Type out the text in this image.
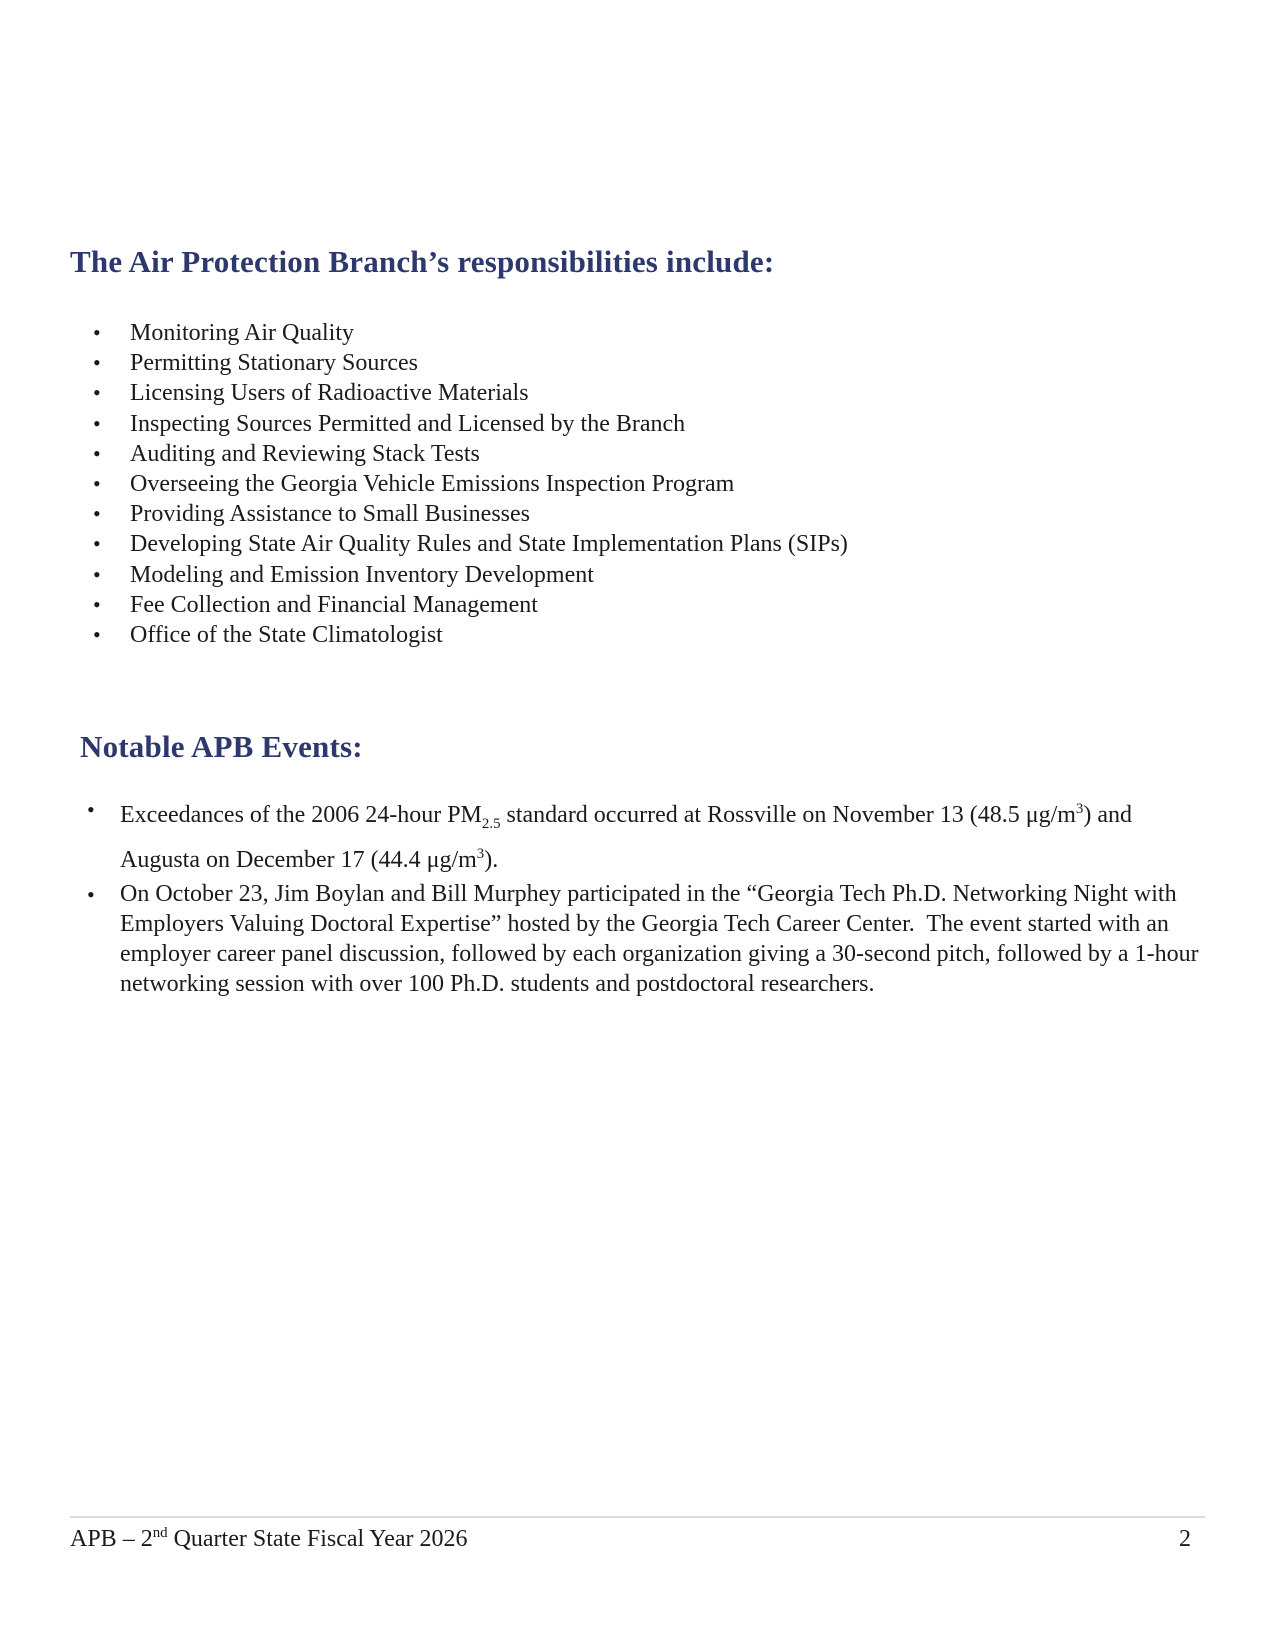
The Air Protection Branch’s responsibilities include:
•	Monitoring Air Quality
•	Permitting Stationary Sources
•	Licensing Users of Radioactive Materials
•	Inspecting Sources Permitted and Licensed by the Branch
•	Auditing and Reviewing Stack Tests
•	Overseeing the Georgia Vehicle Emissions Inspection Program
•	Providing Assistance to Small Businesses
•	Developing State Air Quality Rules and State Implementation Plans (SIPs)
•	Modeling and Emission Inventory Development
•	Fee Collection and Financial Management
•	Office of the State Climatologist
Notable APB Events:
•	Exceedances of the 2006 24-hour $PM_{2.5}$ standard occurred at Rossville on November 13 (48.5 $\mu g/m^3$) and Augusta on December 17 (44.4 $\mu g/m^3$).
•	On October 23, Jim Boylan and Bill Murphey participated in the “Georgia Tech Ph.D. Networking Night with Employers Valuing Doctoral Expertise” hosted by the Georgia Tech Career Center.  The event started with an employer career panel discussion, followed by each organization giving a 30-second pitch, followed by a 1-hour networking session with over 100 Ph.D. students and postdoctoral researchers.
APB – 2nd Quarter State Fiscal Year 2026	2
